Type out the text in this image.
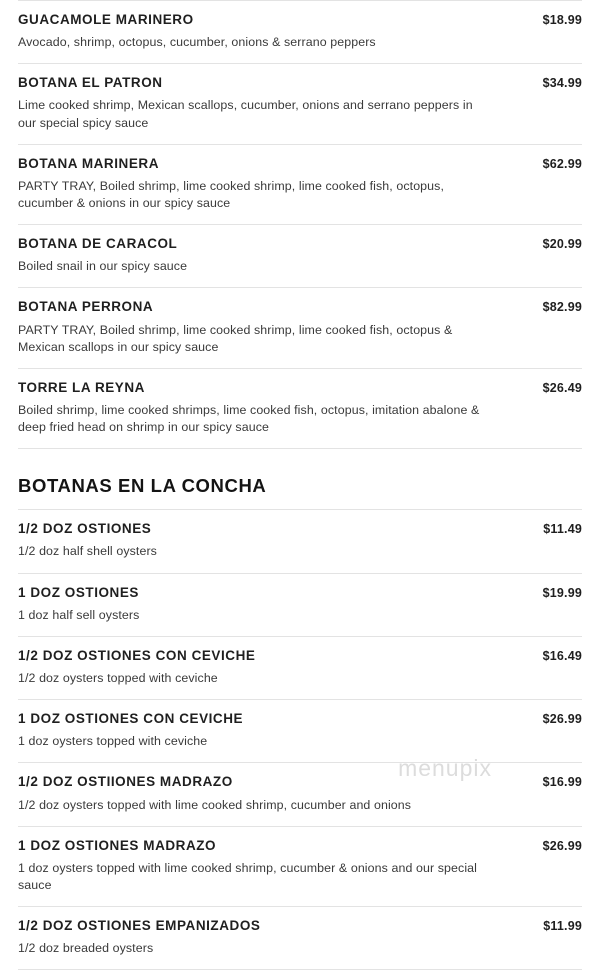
GUACAMOLE MARINERO	$18.99
Avocado, shrimp, octopus, cucumber, onions & serrano peppers
BOTANA EL PATRON	$34.99
Lime cooked shrimp, Mexican scallops, cucumber, onions and serrano peppers in our special spicy sauce
BOTANA MARINERA	$62.99
PARTY TRAY, Boiled shrimp, lime cooked shrimp, lime cooked fish, octopus, cucumber & onions in our spicy sauce
BOTANA DE CARACOL	$20.99
Boiled snail in our spicy sauce
BOTANA PERRONA	$82.99
PARTY TRAY, Boiled shrimp, lime cooked shrimp, lime cooked fish, octopus & Mexican scallops in our spicy sauce
TORRE LA REYNA	$26.49
Boiled shrimp, lime cooked shrimps, lime cooked fish, octopus, imitation abalone & deep fried head on shrimp in our spicy sauce
BOTANAS EN LA CONCHA
1/2 DOZ OSTIONES	$11.49
1/2 doz half shell oysters
1 DOZ OSTIONES	$19.99
1 doz half sell oysters
1/2 DOZ OSTIONES CON CEVICHE	$16.49
1/2 doz oysters topped with ceviche
1 DOZ OSTIONES CON CEVICHE	$26.99
1 doz oysters topped with ceviche
1/2 DOZ OSTIIONES MADRAZO	$16.99
1/2 doz oysters topped with lime cooked shrimp, cucumber and onions
1 DOZ OSTIONES MADRAZO	$26.99
1 doz oysters topped with lime cooked shrimp, cucumber & onions and our special sauce
1/2 DOZ OSTIONES EMPANIZADOS	$11.99
1/2 doz breaded oysters
menupix
